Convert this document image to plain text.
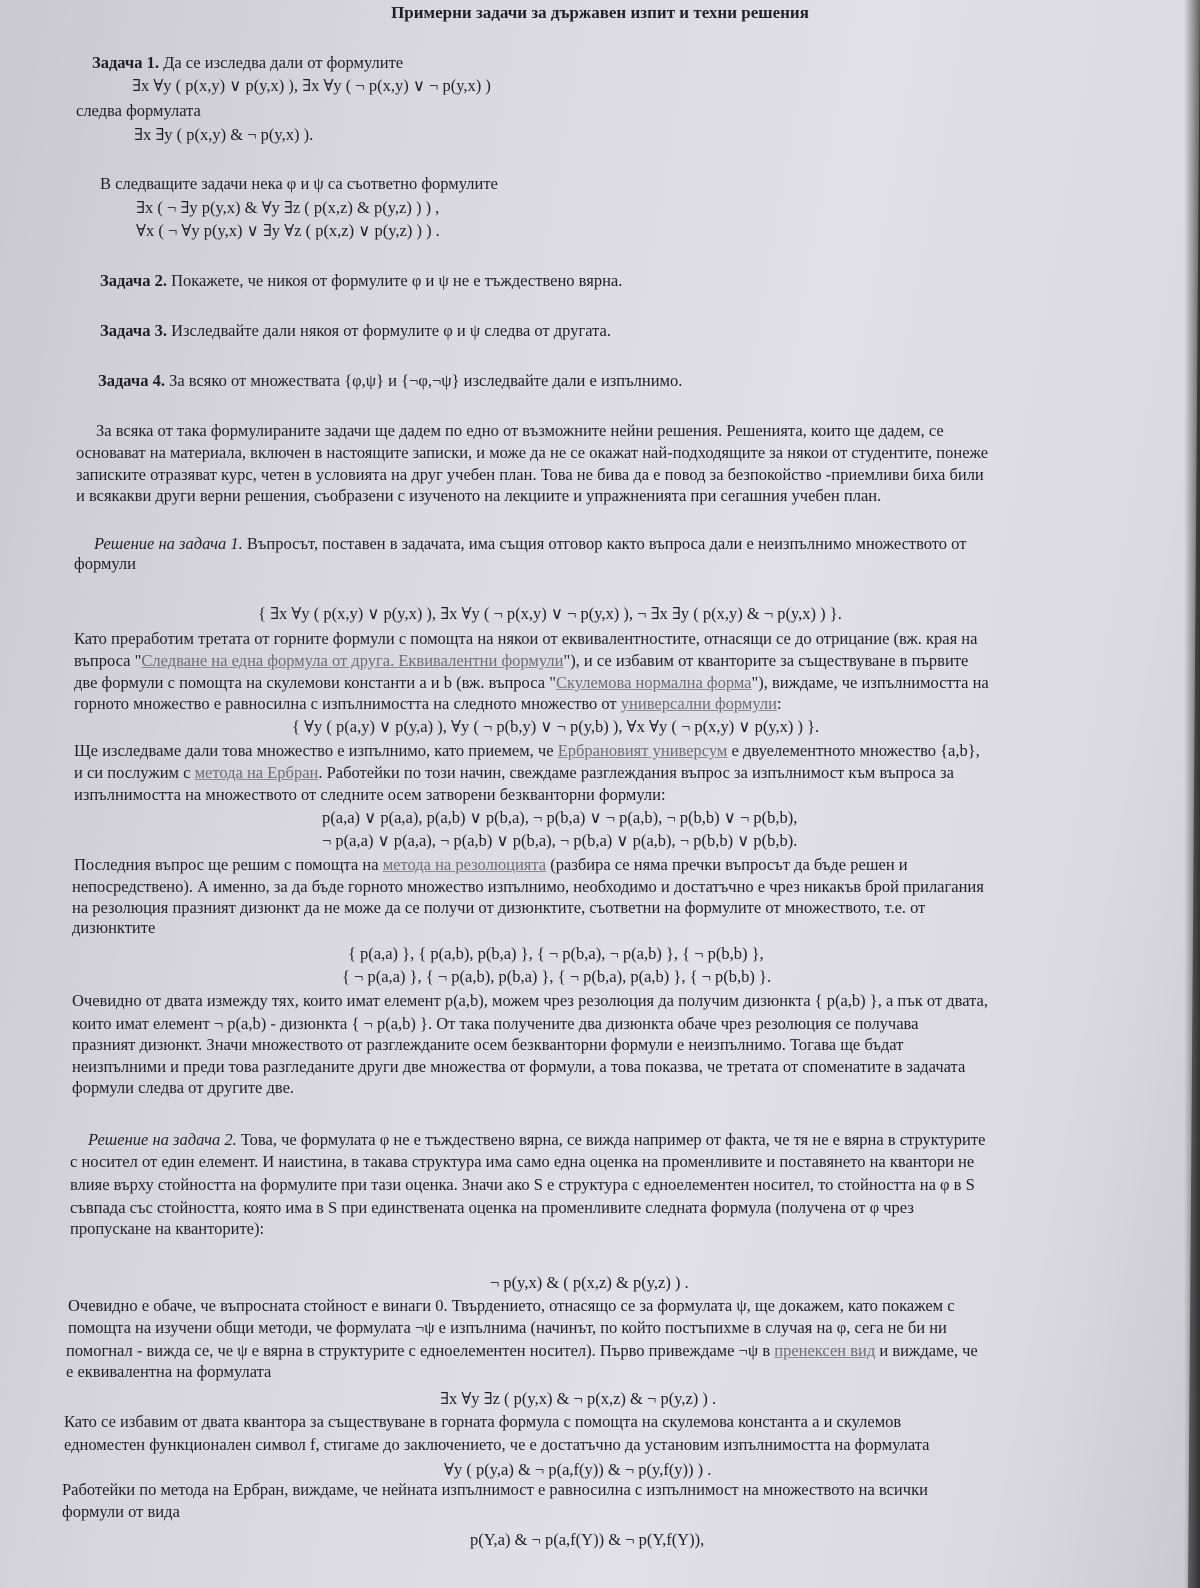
Примерни задачи за държавен изпит и техни решения
Задача 1. Да се изследва дали от формулите
∃x ∀y ( p(x,y) ∨ p(y,x) ), ∃x ∀y ( ¬ p(x,y) ∨ ¬ p(y,x) )
следва формулата
∃x ∃y ( p(x,y) & ¬ p(y,x) ).
В следващите задачи нека φ и ψ са съответно формулите
∃x ( ¬ ∃y p(y,x) & ∀y ∃z ( p(x,z) & p(y,z) ) ) ,
∀x ( ¬ ∀y p(y,x) ∨ ∃y ∀z ( p(x,z) ∨ p(y,z) ) ) .
Задача 2. Покажете, че никоя от формулите φ и ψ не е тъждествено вярна.
Задача 3. Изследвайте дали някоя от формулите φ и ψ следва от другата.
Задача 4. За всяко от множествата {φ,ψ} и {¬φ,¬ψ} изследвайте дали е изпълнимо.
За всяка от така формулираните задачи ще дадем по едно от възможните нейни решения. Решенията, които ще дадем, се
основават на материала, включен в настоящите записки, и може да не се окажат най-подходящите за някои от студентите, понеже
записките отразяват курс, четен в условията на друг учебен план. Това не бива да е повод за безпокойство -приемливи биха били
и всякакви други верни решения, съобразени с изученото на лекциите и упражненията при сегашния учебен план.
Решение на задача 1. Въпросът, поставен в задачата, има същия отговор както въпроса дали е неизпълнимо множеството от
формули
{ ∃x ∀y ( p(x,y) ∨ p(y,x) ), ∃x ∀y ( ¬ p(x,y) ∨ ¬ p(y,x) ), ¬ ∃x ∃y ( p(x,y) & ¬ p(y,x) ) }.
Като преработим третата от горните формули с помощта на някои от еквивалентностите, отнасящи се до отрицание (вж. края на
въпроса "Следване на една формула от друга. Еквивалентни формули"), и се избавим от кванторите за съществуване в първите
две формули с помощта на скулемови константи a и b (вж. въпроса "Скулемова нормална форма"), виждаме, че изпълнимостта на
горното множество е равносилна с изпълнимостта на следното множество от универсални формули:
{ ∀y ( p(a,y) ∨ p(y,a) ), ∀y ( ¬ p(b,y) ∨ ¬ p(y,b) ), ∀x ∀y ( ¬ p(x,y) ∨ p(y,x) ) }.
Ще изследваме дали това множество е изпълнимо, като приемем, че Ербрановият универсум е двуелементното множество {a,b},
и си послужим с метода на Ербран. Работейки по този начин, свеждаме разглеждания въпрос за изпълнимост към въпроса за
изпълнимостта на множеството от следните осем затворени безкванторни формули:
p(a,a) ∨ p(a,a), p(a,b) ∨ p(b,a), ¬ p(b,a) ∨ ¬ p(a,b), ¬ p(b,b) ∨ ¬ p(b,b),
¬ p(a,a) ∨ p(a,a), ¬ p(a,b) ∨ p(b,a), ¬ p(b,a) ∨ p(a,b), ¬ p(b,b) ∨ p(b,b).
Последния въпрос ще решим с помощта на метода на резолюцията (разбира се няма пречки въпросът да бъде решен и
непосредствено). А именно, за да бъде горното множество изпълнимо, необходимо и достатъчно е чрез никакъв брой прилагания
на резолюция празният дизюнкт да не може да се получи от дизюнктите, съответни на формулите от множеството, т.е. от
дизюнктите
{ p(a,a) }, { p(a,b), p(b,a) }, { ¬ p(b,a), ¬ p(a,b) }, { ¬ p(b,b) },
{ ¬ p(a,a) }, { ¬ p(a,b), p(b,a) }, { ¬ p(b,a), p(a,b) }, { ¬ p(b,b) }.
Очевидно от двата измежду тях, които имат елемент p(a,b), можем чрез резолюция да получим дизюнкта { p(a,b) }, а пък от двата,
които имат елемент ¬ p(a,b) - дизюнкта { ¬ p(a,b) }. От така получените два дизюнкта обаче чрез резолюция се получава
празният дизюнкт. Значи множеството от разглежданите осем безкванторни формули е неизпълнимо. Тогава ще бъдат
неизпълними и преди това разгледаните други две множества от формули, а това показва, че третата от споменатите в задачата
формули следва от другите две.
Решение на задача 2. Това, че формулата φ не е тъждествено вярна, се вижда например от факта, че тя не е вярна в структурите
с носител от един елемент. И наистина, в такава структура има само една оценка на променливите и поставянето на квантори не
влияе върху стойността на формулите при тази оценка. Значи ако S е структура с едноелементен носител, то стойността на φ в S
съвпада със стойността, която има в S при единствената оценка на променливите следната формула (получена от φ чрез
пропускане на кванторите):
¬ p(y,x) & ( p(x,z) & p(y,z) ) .
Очевидно е обаче, че въпросната стойност е винаги 0. Твърдението, отнасящо се за формулата ψ, ще докажем, като покажем с
помощта на изучени общи методи, че формулата ¬ψ е изпълнима (начинът, по който постъпихме в случая на φ, сега не би ни
помогнал - вижда се, че ψ е вярна в структурите с едноелементен носител). Първо привеждаме ¬ψ в пренексен вид и виждаме, че
е еквивалентна на формулата
∃x ∀y ∃z ( p(y,x) & ¬ p(x,z) & ¬ p(y,z) ) .
Като се избавим от двата квантора за съществуване в горната формула с помощта на скулемова константа a и скулемов
едноместен функционален символ f, стигаме до заключението, че е достатъчно да установим изпълнимостта на формулата
∀y ( p(y,a) & ¬ p(a,f(y)) & ¬ p(y,f(y)) ) .
Работейки по метода на Ербран, виждаме, че нейната изпълнимост е равносилна с изпълнимост на множеството на всички
формули от вида
p(Y,a) & ¬ p(a,f(Y)) & ¬ p(Y,f(Y)),
